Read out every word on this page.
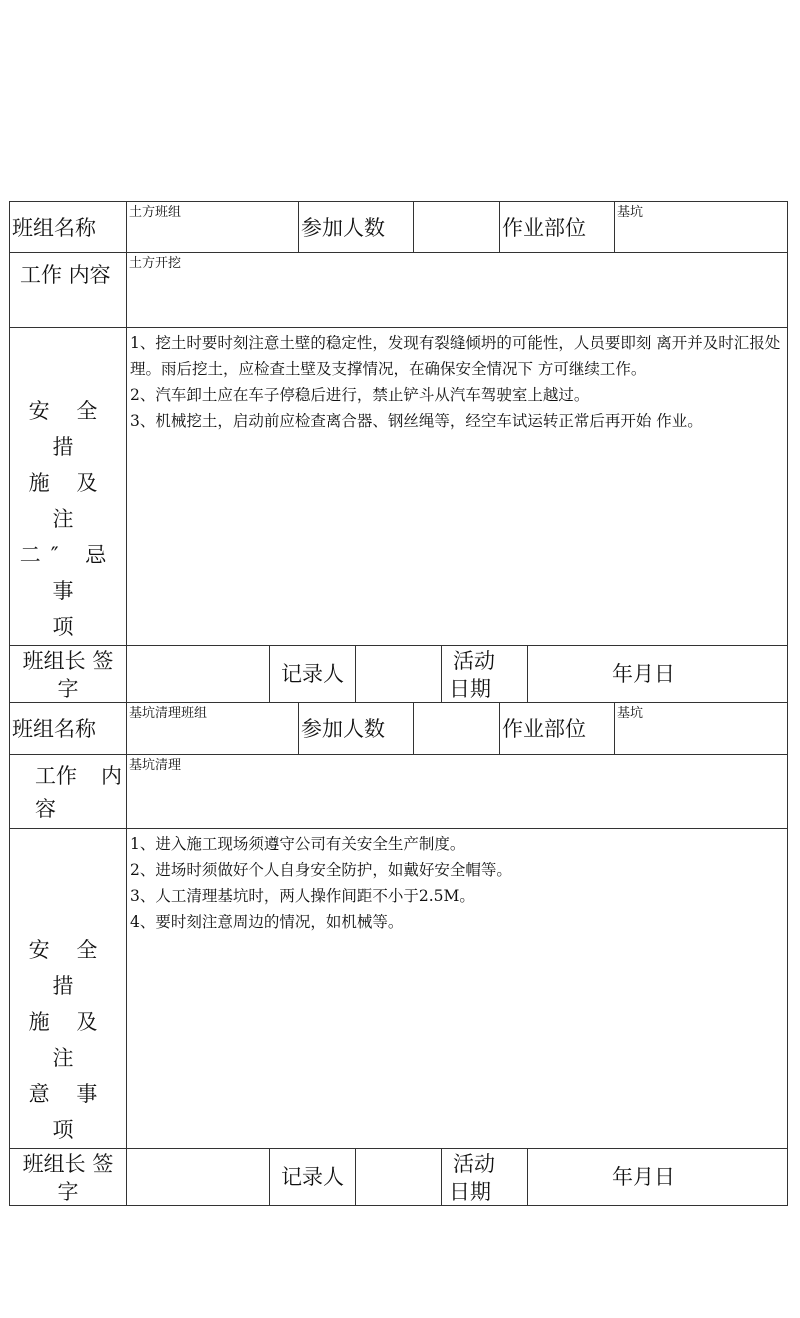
班组名称
土方班组
参加人数	作业部位
基坑
工作 内容 土方开挖
安 全 措
施 及 注
二″ 忌 事
项

1、挖土时要时刻注意土壁的稳定性，发现有裂缝倾坍的可能性，人员要即刻 离开并及时汇报处理。雨后挖土，应检查土壁及支撑情况，在确保安全情况下 方可继续工作。

2、汽车卸土应在车子停稳后进行，禁止铲斗从汽车驾驶室上越过。

3、机械挖土，启动前应检查离合器、钢丝绳等，经空车试运转正常后再开始 作业。

班组长 签
字
记录人
活动
日期
年月日
班组名称
基坑清理班组
参加人数	作业部位
基坑
工作 内
容
基坑清理
安 全 措
施 及 注
意 事 项

1、进入施工现场须遵守公司有关安全生产制度。

2、进场时须做好个人自身安全防护，如戴好安全帽等。

3、人工清理基坑时，两人操作间距不小于2.5M。

4、要时刻注意周边的情况，如机械等。

班组长 签
字
记录人
活动
日期
年月日
